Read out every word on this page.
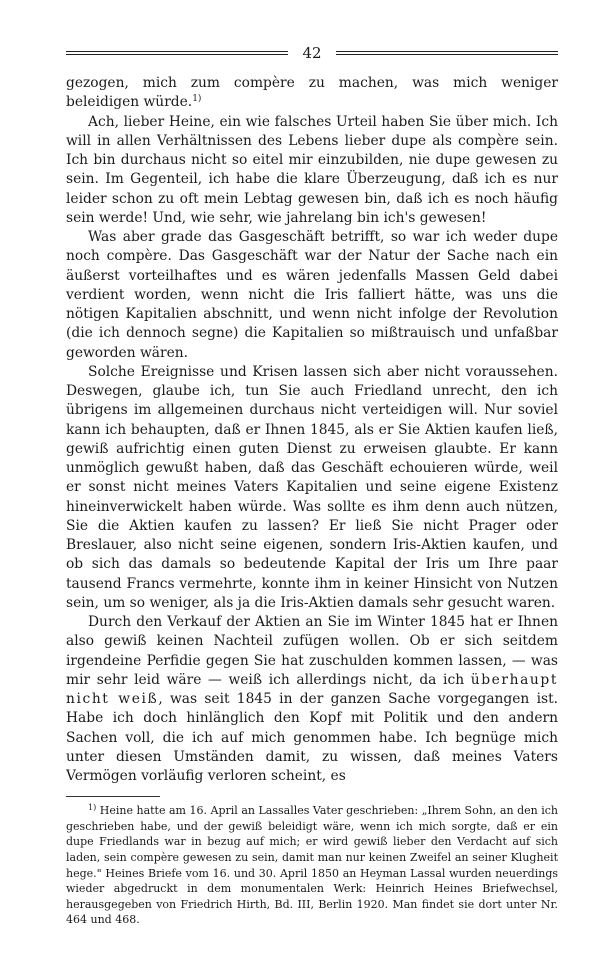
42

gezogen, mich zum compère zu machen, was mich weniger beleidigen würde.$^{1)}$

Ach, lieber Heine, ein wie falsches Urteil haben Sie über mich. Ich will in allen Verhältnissen des Lebens lieber dupe als compère sein. Ich bin durchaus nicht so eitel mir einzubilden, nie dupe gewesen zu sein. Im Gegenteil, ich habe die klare Überzeugung, daß ich es nur leider schon zu oft mein Lebtag gewesen bin, daß ich es noch häufig sein werde! Und, wie sehr, wie jahrelang bin ich's gewesen!

Was aber grade das Gasgeschäft betrifft, so war ich weder dupe noch compère. Das Gasgeschäft war der Natur der Sache nach ein äußerst vorteilhaftes und es wären jedenfalls Massen Geld dabei verdient worden, wenn nicht die Iris falliert hätte, was uns die nötigen Kapitalien abschnitt, und wenn nicht infolge der Revolution (die ich dennoch segne) die Kapitalien so mißtrauisch und unfaßbar geworden wären.

Solche Ereignisse und Krisen lassen sich aber nicht voraussehen. Deswegen, glaube ich, tun Sie auch Friedland unrecht, den ich übrigens im allgemeinen durchaus nicht verteidigen will. Nur soviel kann ich behaupten, daß er Ihnen 1845, als er Sie Aktien kaufen ließ, gewiß aufrichtig einen guten Dienst zu erweisen glaubte. Er kann unmöglich gewußt haben, daß das Geschäft echouieren würde, weil er sonst nicht meines Vaters Kapitalien und seine eigene Existenz hineinverwickelt haben würde. Was sollte es ihm denn auch nützen, Sie die Aktien kaufen zu lassen? Er ließ Sie nicht Prager oder Breslauer, also nicht seine eigenen, sondern Iris-Aktien kaufen, und ob sich das damals so bedeutende Kapital der Iris um Ihre paar tausend Francs vermehrte, konnte ihm in keiner Hinsicht von Nutzen sein, um so weniger, als ja die Iris-Aktien damals sehr gesucht waren.

Durch den Verkauf der Aktien an Sie im Winter 1845 hat er Ihnen also gewiß keinen Nachteil zufügen wollen. Ob er sich seitdem irgendeine Perfidie gegen Sie hat zuschulden kommen lassen, — was mir sehr leid wäre — weiß ich allerdings nicht, da ich überhaupt nicht weiß, was seit 1845 in der ganzen Sache vorgegangen ist. Habe ich doch hinlänglich den Kopf mit Politik und den andern Sachen voll, die ich auf mich genommen habe. Ich begnüge mich unter diesen Umständen damit, zu wissen, daß meines Vaters Vermögen vorläufig verloren scheint, es

$^{1)}$ Heine hatte am 16. April an Lassalles Vater geschrieben: „Ihrem Sohn, an den ich geschrieben habe, und der gewiß beleidigt wäre, wenn ich mich sorgte, daß er ein dupe Friedlands war in bezug auf mich; er wird gewiß lieber den Verdacht auf sich laden, sein compère gewesen zu sein, damit man nur keinen Zweifel an seiner Klugheit hege." Heines Briefe vom 16. und 30. April 1850 an Heyman Lassal wurden neuerdings wieder abgedruckt in dem monumentalen Werk: Heinrich Heines Briefwechsel, herausgegeben von Friedrich Hirth, Bd. III, Berlin 1920. Man findet sie dort unter Nr. 464 und 468.
